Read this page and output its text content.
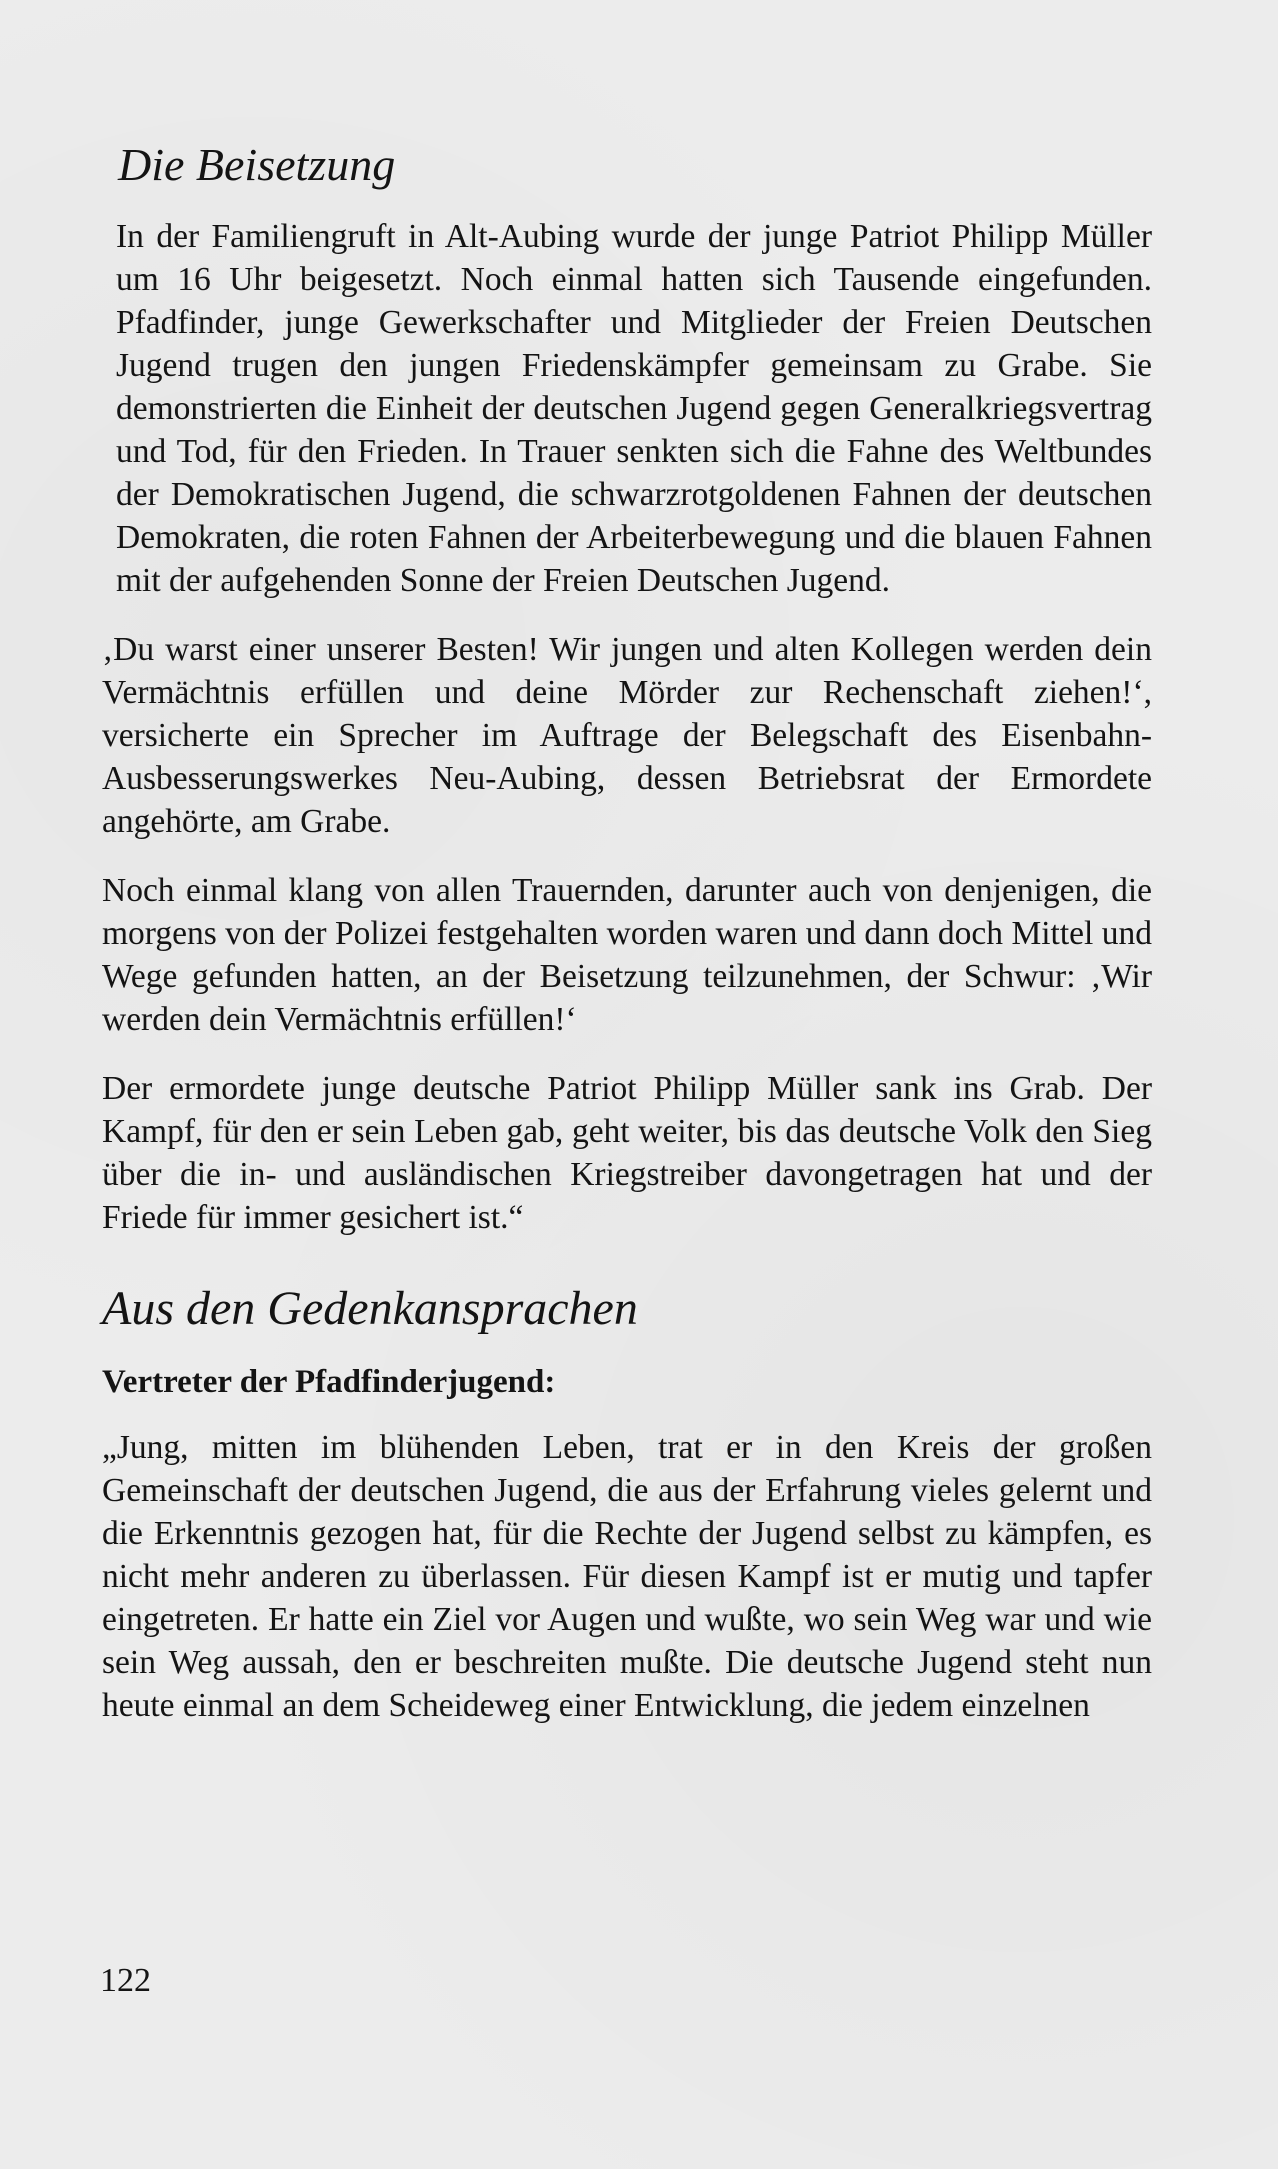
Die Beisetzung

In der Familiengruft in Alt-Aubing wurde der junge Patriot Philipp Müller um 16 Uhr beigesetzt. Noch einmal hatten sich Tausende eingefunden. Pfadfinder, junge Gewerkschafter und Mitglieder der Freien Deutschen Jugend trugen den jungen Friedenskämpfer gemeinsam zu Grabe. Sie demonstrierten die Einheit der deutschen Jugend gegen Generalkriegsvertrag und Tod, für den Frieden. In Trauer senkten sich die Fahne des Weltbundes der Demokratischen Jugend, die schwarzrotgoldenen Fahnen der deutschen Demokraten, die roten Fahnen der Arbeiterbewegung und die blauen Fahnen mit der aufgehenden Sonne der Freien Deutschen Jugend.

‚Du warst einer unserer Besten! Wir jungen und alten Kollegen werden dein Vermächtnis erfüllen und deine Mörder zur Rechenschaft ziehen!‘, versicherte ein Sprecher im Auftrage der Belegschaft des Eisenbahn-Ausbesserungswerkes Neu-Aubing, dessen Betriebsrat der Ermordete angehörte, am Grabe.

Noch einmal klang von allen Trauernden, darunter auch von denjenigen, die morgens von der Polizei festgehalten worden waren und dann doch Mittel und Wege gefunden hatten, an der Beisetzung teilzunehmen, der Schwur: ‚Wir werden dein Vermächtnis erfüllen!‘

Der ermordete junge deutsche Patriot Philipp Müller sank ins Grab. Der Kampf, für den er sein Leben gab, geht weiter, bis das deutsche Volk den Sieg über die in- und ausländischen Kriegstreiber davongetragen hat und der Friede für immer gesichert ist.“

Aus den Gedenkansprachen
Vertreter der Pfadfinderjugend:

„Jung, mitten im blühenden Leben, trat er in den Kreis der großen Gemeinschaft der deutschen Jugend, die aus der Erfahrung vieles gelernt und die Erkenntnis gezogen hat, für die Rechte der Jugend selbst zu kämpfen, es nicht mehr anderen zu überlassen. Für diesen Kampf ist er mutig und tapfer eingetreten. Er hatte ein Ziel vor Augen und wußte, wo sein Weg war und wie sein Weg aussah, den er beschreiten mußte. Die deutsche Jugend steht nun heute einmal an dem Scheideweg einer Entwicklung, die jedem einzelnen

122
